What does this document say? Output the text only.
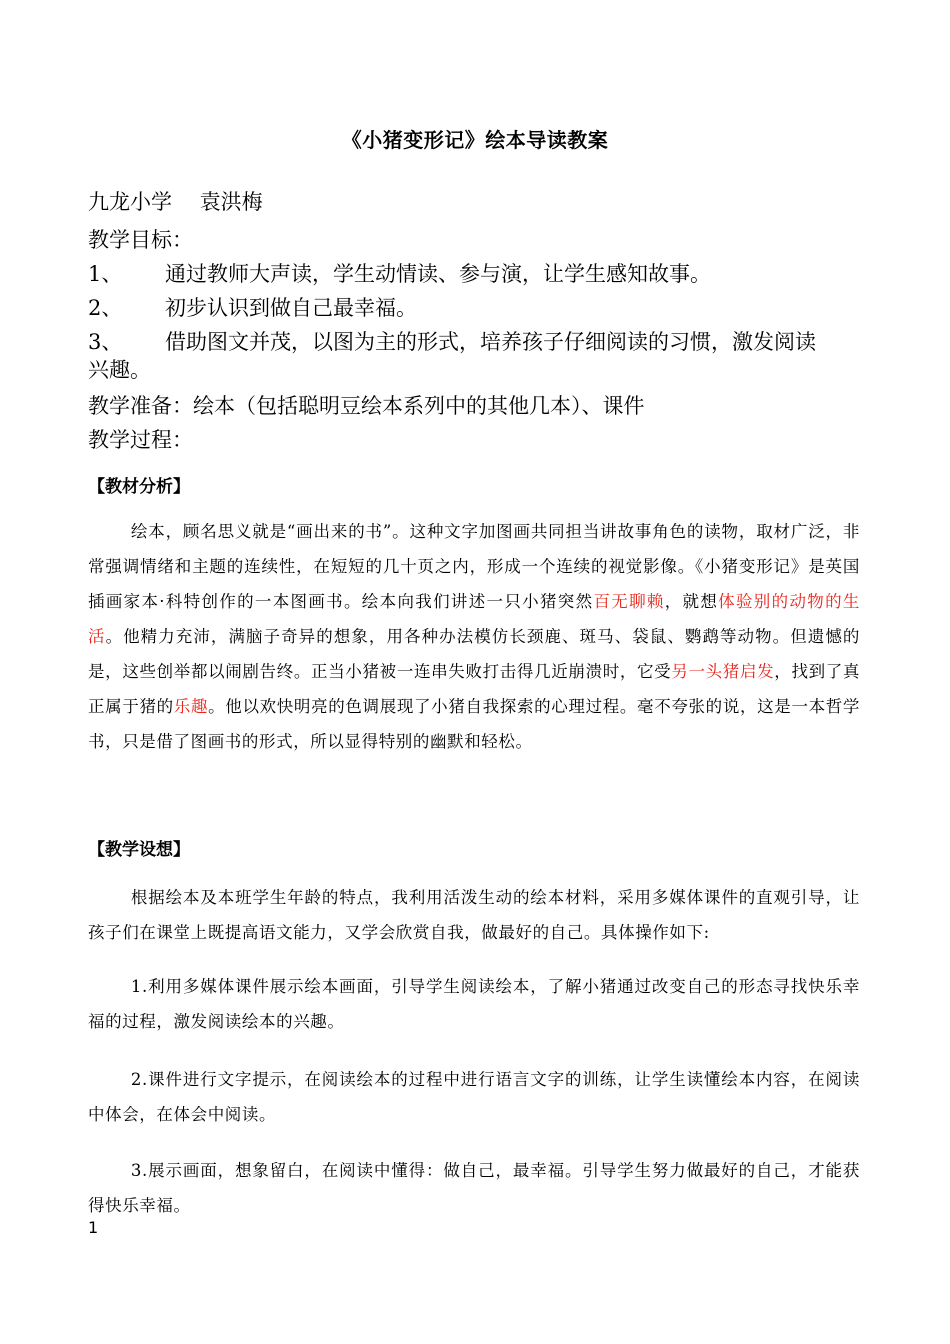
《小猪变形记》绘本导读教案
九龙小学　 袁洪梅
教学目标：
1、 通过教师大声读，学生动情读、参与演，让学生感知故事。
2、 初步认识到做自己最幸福。
3、 借助图文并茂，以图为主的形式，培养孩子仔细阅读的习惯，激发阅读
兴趣。
教学准备：绘本（包括聪明豆绘本系列中的其他几本）、课件
教学过程：
【教材分析】
绘本，顾名思义就是“画出来的书”。这种文字加图画共同担当讲故事角色的读物，取材广泛，非常强调情绪和主题的连续性，在短短的几十页之内，形成一个连续的视觉影像。《小猪变形记》是英国插画家本·科特创作的一本图画书。绘本向我们讲述一只小猪突然百无聊赖，就想体验别的动物的生活。他精力充沛，满脑子奇异的想象，用各种办法模仿长颈鹿、斑马、袋鼠、鹦鹉等动物。但遗憾的是，这些创举都以闹剧告终。正当小猪被一连串失败打击得几近崩溃时，它受另一头猪启发，找到了真正属于猪的乐趣。他以欢快明亮的色调展现了小猪自我探索的心理过程。毫不夸张的说，这是一本哲学书，只是借了图画书的形式，所以显得特别的幽默和轻松。
【教学设想】
根据绘本及本班学生年龄的特点，我利用活泼生动的绘本材料，采用多媒体课件的直观引导，让孩子们在课堂上既提高语文能力，又学会欣赏自我，做最好的自己。具体操作如下:
1.利用多媒体课件展示绘本画面，引导学生阅读绘本，了解小猪通过改变自己的形态寻找快乐幸福的过程，激发阅读绘本的兴趣。
2.课件进行文字提示，在阅读绘本的过程中进行语言文字的训练，让学生读懂绘本内容，在阅读中体会，在体会中阅读。
3.展示画面，想象留白，在阅读中懂得：做自己，最幸福。引导学生努力做最好的自己，才能获得快乐幸福。
1
